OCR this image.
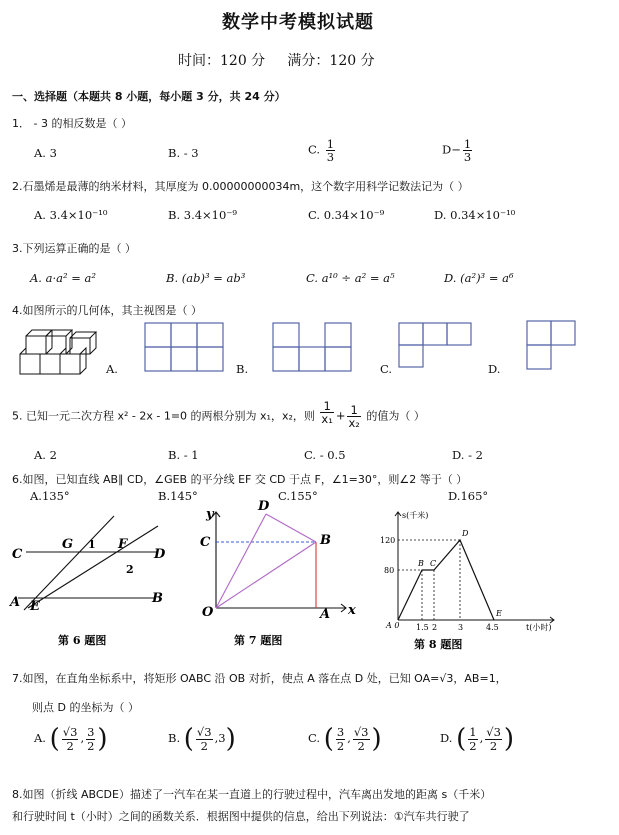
数学中考模拟试题
时间：120 分     满分：120 分
一、选择题（本题共 8 小题，每小题 3 分，共 24 分）
1． - 3 的相反数是（ ）
A. 3	B. - 3	C. $\frac{1}{3}$	$D- \frac{1}{3}$
2.石墨烯是最薄的纳米材料，其厚度为 0.00000000034m，这个数字用科学记数法记为（ ）
A. 3.4×10⁻¹⁰	B. 3.4×10⁻⁹	C. 0.34×10⁻⁹	D. 0.34×10⁻¹⁰
3.下列运算正确的是（ ）
A. a·a² = a²	B. (ab)³ = ab³	C. a¹⁰ ÷ a² = a⁵	D. (a²)³ = a⁶
4.如图所示的几何体，其主视图是（ ）
A.	B.	C.	D.
5. 已知一元二次方程 x² - 2x - 1=0 的两根分别为 x₁，x₂，则 $\frac{1}{\text{x₁}} + \frac{1}{\text{x₂}}$ 的值为（ ）
A. 2	B. - 1	C. - 0.5	D. - 2
6.如图，已知直线 AB∥ CD，∠GEB 的平分线 EF 交 CD 于点 F，∠1=30°，则∠2 等于（ ）
A.135°	B.145°	C.155°	D.165°
C
G 1 F
D
2
A E
B
第 6 题图
y
D
C	B
O	A x
第 7 题图
s(千米)
120
80
A 0 1.5 2	3	4.5	t(小时)
B C
D
E
第 8 题图
7.如图，在直角坐标系中，将矩形 OABC 沿 OB 对折，使点 A 落在点 D 处，已知 OA=√3，AB=1，
则点 D 的坐标为（ ）
A. ( $\frac{√3}{2}$ , $\frac{3}{2}$ )	B. ( $\frac{√3}{2} ,3$)	C. ( $\frac{3}{2}$ , $\frac{√3}{2}$ )	D. ( $\frac{1}{2}$ , $\frac{√3}{2}$ )
8.如图（折线 ABCDE）描述了一汽车在某一直道上的行驶过程中，汽车离出发地的距离 s（千米）
和行驶时间 t（小时）之间的函数关系．根据图中提供的信息，给出下列说法：①汽车共行驶了
